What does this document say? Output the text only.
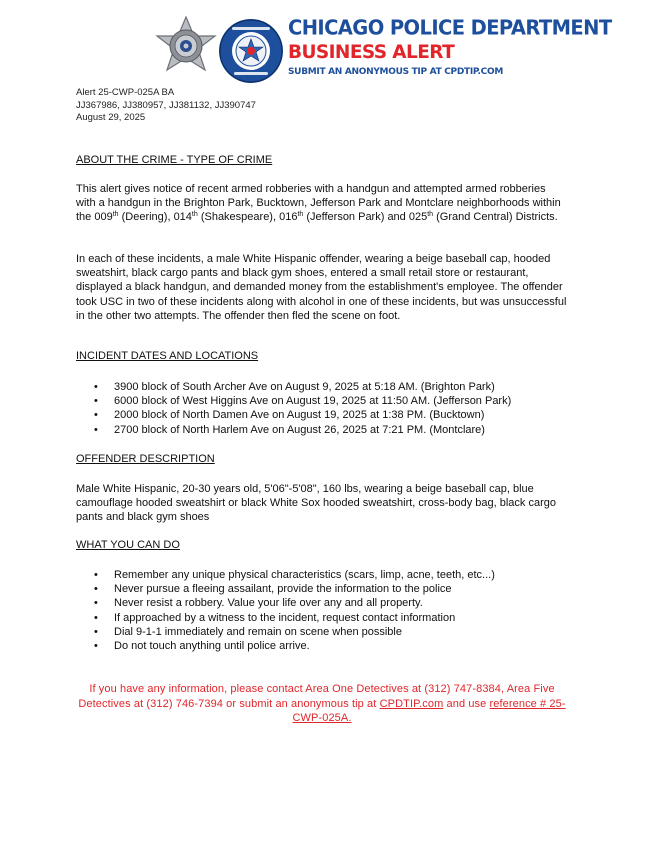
CHICAGO POLICE DEPARTMENT
BUSINESS ALERT
SUBMIT AN ANONYMOUS TIP AT CPDTIP.COM
Alert 25-CWP-025A BA
JJ367986, JJ380957, JJ381132, JJ390747
August 29, 2025
ABOUT THE CRIME - TYPE OF CRIME
This alert gives notice of recent armed robberies with a handgun and attempted armed robberies with a handgun in the Brighton Park, Bucktown, Jefferson Park and Montclare neighborhoods within the 009th (Deering), 014th (Shakespeare), 016th (Jefferson Park) and 025th (Grand Central) Districts.
In each of these incidents, a male White Hispanic offender, wearing a beige baseball cap, hooded sweatshirt, black cargo pants and black gym shoes, entered a small retail store or restaurant, displayed a black handgun, and demanded money from the establishment's employee. The offender took USC in two of these incidents along with alcohol in one of these incidents, but was unsuccessful in the other two attempts. The offender then fled the scene on foot.
INCIDENT DATES AND LOCATIONS
• 3900 block of South Archer Ave on August 9, 2025 at 5:18 AM. (Brighton Park)
• 6000 block of West Higgins Ave on August 19, 2025 at 11:50 AM. (Jefferson Park)
• 2000 block of North Damen Ave on August 19, 2025 at 1:38 PM. (Bucktown)
• 2700 block of North Harlem Ave on August 26, 2025 at 7:21 PM. (Montclare)
OFFENDER DESCRIPTION
Male White Hispanic, 20-30 years old, 5'06"-5'08", 160 lbs, wearing a beige baseball cap, blue camouflage hooded sweatshirt or black White Sox hooded sweatshirt, cross-body bag, black cargo pants and black gym shoes
WHAT YOU CAN DO
• Remember any unique physical characteristics (scars, limp, acne, teeth, etc...)
• Never pursue a fleeing assailant, provide the information to the police
• Never resist a robbery. Value your life over any and all property.
• If approached by a witness to the incident, request contact information
• Dial 9-1-1 immediately and remain on scene when possible
• Do not touch anything until police arrive.
If you have any information, please contact Area One Detectives at (312) 747-8384, Area Five Detectives at (312) 746-7394 or submit an anonymous tip at CPDTIP.com and use reference # 25-CWP-025A.
